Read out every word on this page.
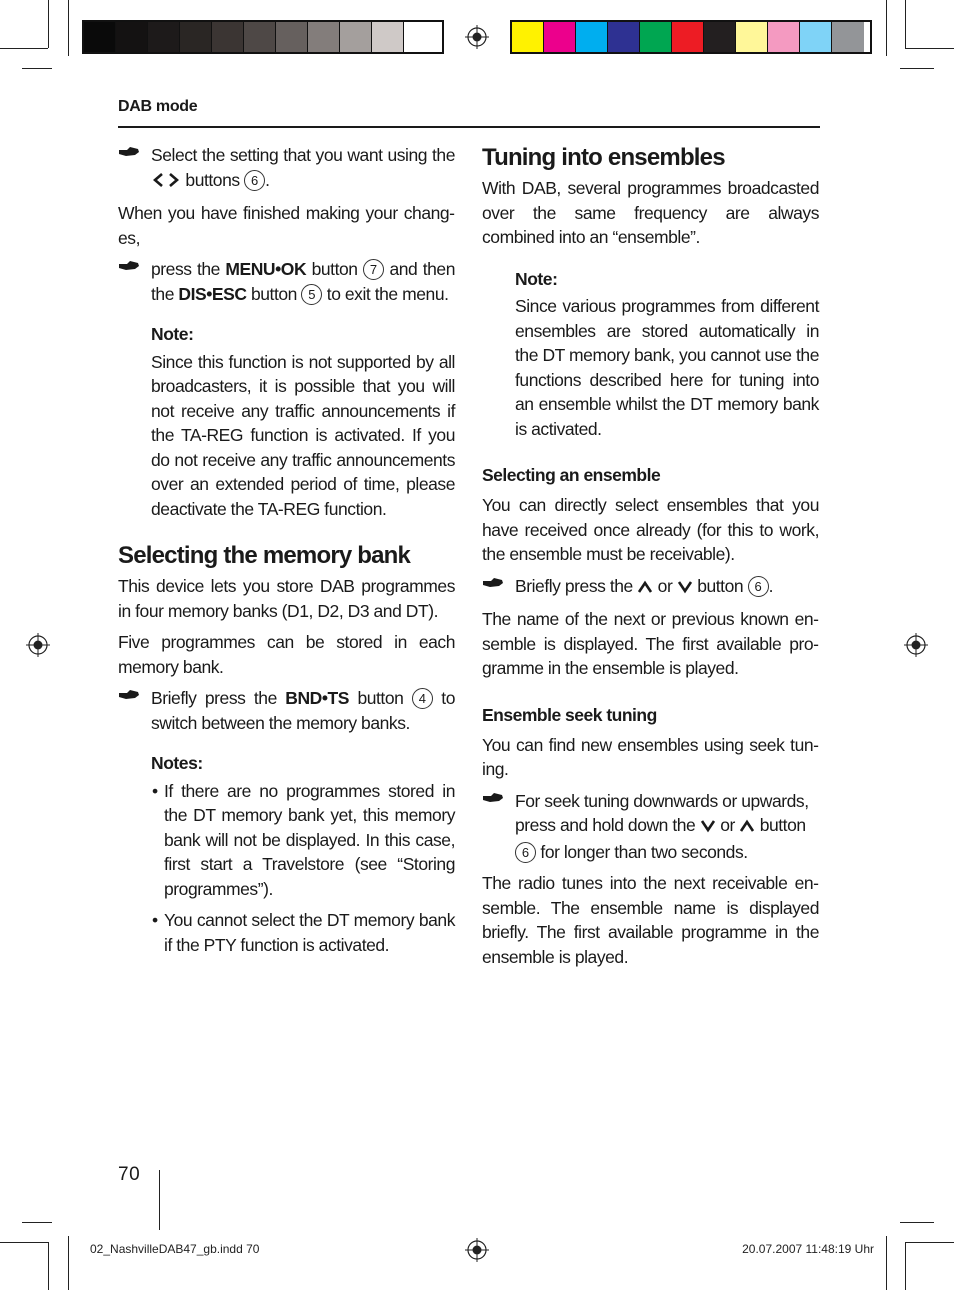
DAB mode

Select the setting that you want using the  buttons 6 .

When you have finished making your changes,

press the MENU•OK button 7 and then the DIS•ESC button 5 to exit the menu.

Note:

Since this function is not supported by all broadcasters, it is possible that you will not receive any traffic announcements if the TA-REG function is activated. If you do not receive any traffic announcements over an extended period of time, please deactivate the TA-REG function.

Selecting the memory bank

This device lets you store DAB programmes in four memory banks (D1, D2, D3 and DT).

Five programmes can be stored in each memory bank.

Briefly press the BND•TS button 4 to switch between the memory banks.

Notes:

• If there are no programmes stored in the DT memory bank yet, this memory bank will not be displayed. In this case, first start a Travelstore (see “Storing programmes”).

• You cannot select the DT memory bank if the PTY function is activated.

Tuning into ensembles

With DAB, several programmes broadcasted over the same frequency are always combined into an “ensemble”.

Note:

Since various programmes from different ensembles are stored automatically in the DT memory bank, you cannot use the functions described here for tuning into an ensemble whilst the DT memory bank is activated.

Selecting an ensemble

You can directly select ensembles that you have received once already (for this to work, the ensemble must be receivable).

Briefly press the or button 6 .

The name of the next or previous known ensemble is displayed. The first available programme in the ensemble is played.

Ensemble seek tuning

You can find new ensembles using seek tuning.

For seek tuning downwards or upwards, press and hold down the or button 6 for longer than two seconds.

The radio tunes into the next receivable ensemble. The ensemble name is displayed briefly. The first available programme in the ensemble is played.

70
02_NashvilleDAB47_gb.indd 70	20.07.2007 11:48:19 Uhr
